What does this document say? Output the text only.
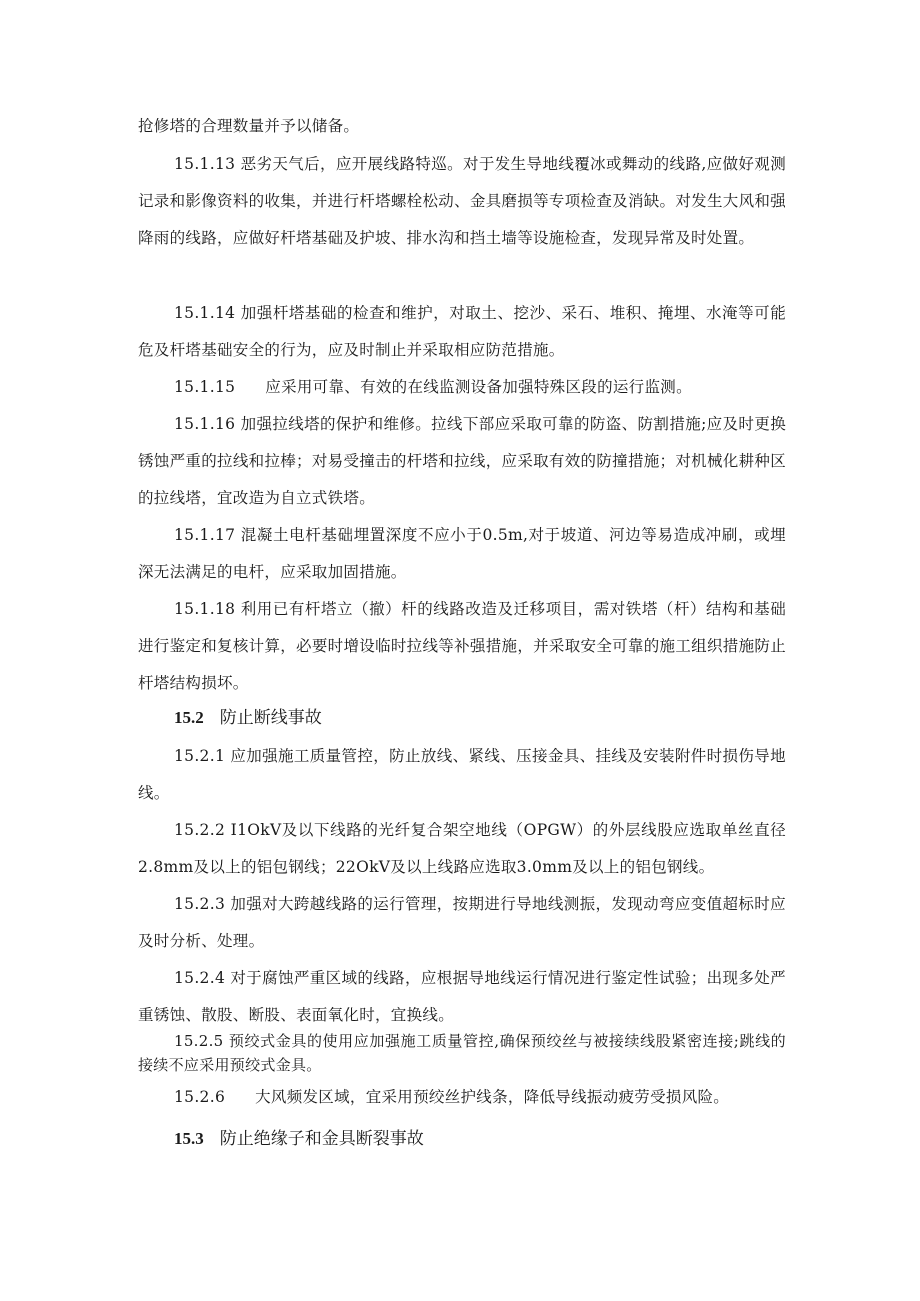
抢修塔的合理数量并予以储备。

15.1.13 恶劣天气后，应开展线路特巡。对于发生导地线覆冰或舞动的线路,应做好观测记录和影像资料的收集，并进行杆塔螺栓松动、金具磨损等专项检查及消缺。对发生大风和强降雨的线路，应做好杆塔基础及护坡、排水沟和挡土墙等设施检查，发现异常及时处置。

15.1.14 加强杆塔基础的检查和维护，对取土、挖沙、采石、堆积、掩埋、水淹等可能危及杆塔基础安全的行为，应及时制止并采取相应防范措施。

15.1.15 应采用可靠、有效的在线监测设备加强特殊区段的运行监测。

15.1.16 加强拉线塔的保护和维修。拉线下部应采取可靠的防盗、防割措施;应及时更换锈蚀严重的拉线和拉棒；对易受撞击的杆塔和拉线，应采取有效的防撞措施；对机械化耕种区的拉线塔，宜改造为自立式铁塔。

15.1.17 混凝土电杆基础埋置深度不应小于0.5m,对于坡道、河边等易造成冲刷，或埋深无法满足的电杆，应采取加固措施。

15.1.18 利用已有杆塔立（撤）杆的线路改造及迁移项目，需对铁塔（杆）结构和基础进行鉴定和复核计算，必要时增设临时拉线等补强措施，并采取安全可靠的施工组织措施防止杆塔结构损坏。

15.2 防止断线事故

15.2.1 应加强施工质量管控，防止放线、紧线、压接金具、挂线及安装附件时损伤导地线。

15.2.2 I1OkV及以下线路的光纤复合架空地线（OPGW）的外层线股应选取单丝直径2.8mm及以上的铝包钢线；22OkV及以上线路应选取3.0mm及以上的铝包钢线。

15.2.3 加强对大跨越线路的运行管理，按期进行导地线测振，发现动弯应变值超标时应及时分析、处理。

15.2.4 对于腐蚀严重区域的线路，应根据导地线运行情况进行鉴定性试验；出现多处严重锈蚀、散股、断股、表面氧化时，宜换线。

15.2.5 预绞式金具的使用应加强施工质量管控,确保预绞丝与被接续线股紧密连接;跳线的接续不应采用预绞式金具。

15.2.6 大风频发区域，宜采用预绞丝护线条，降低导线振动疲劳受损风险。

15.3 防止绝缘子和金具断裂事故
